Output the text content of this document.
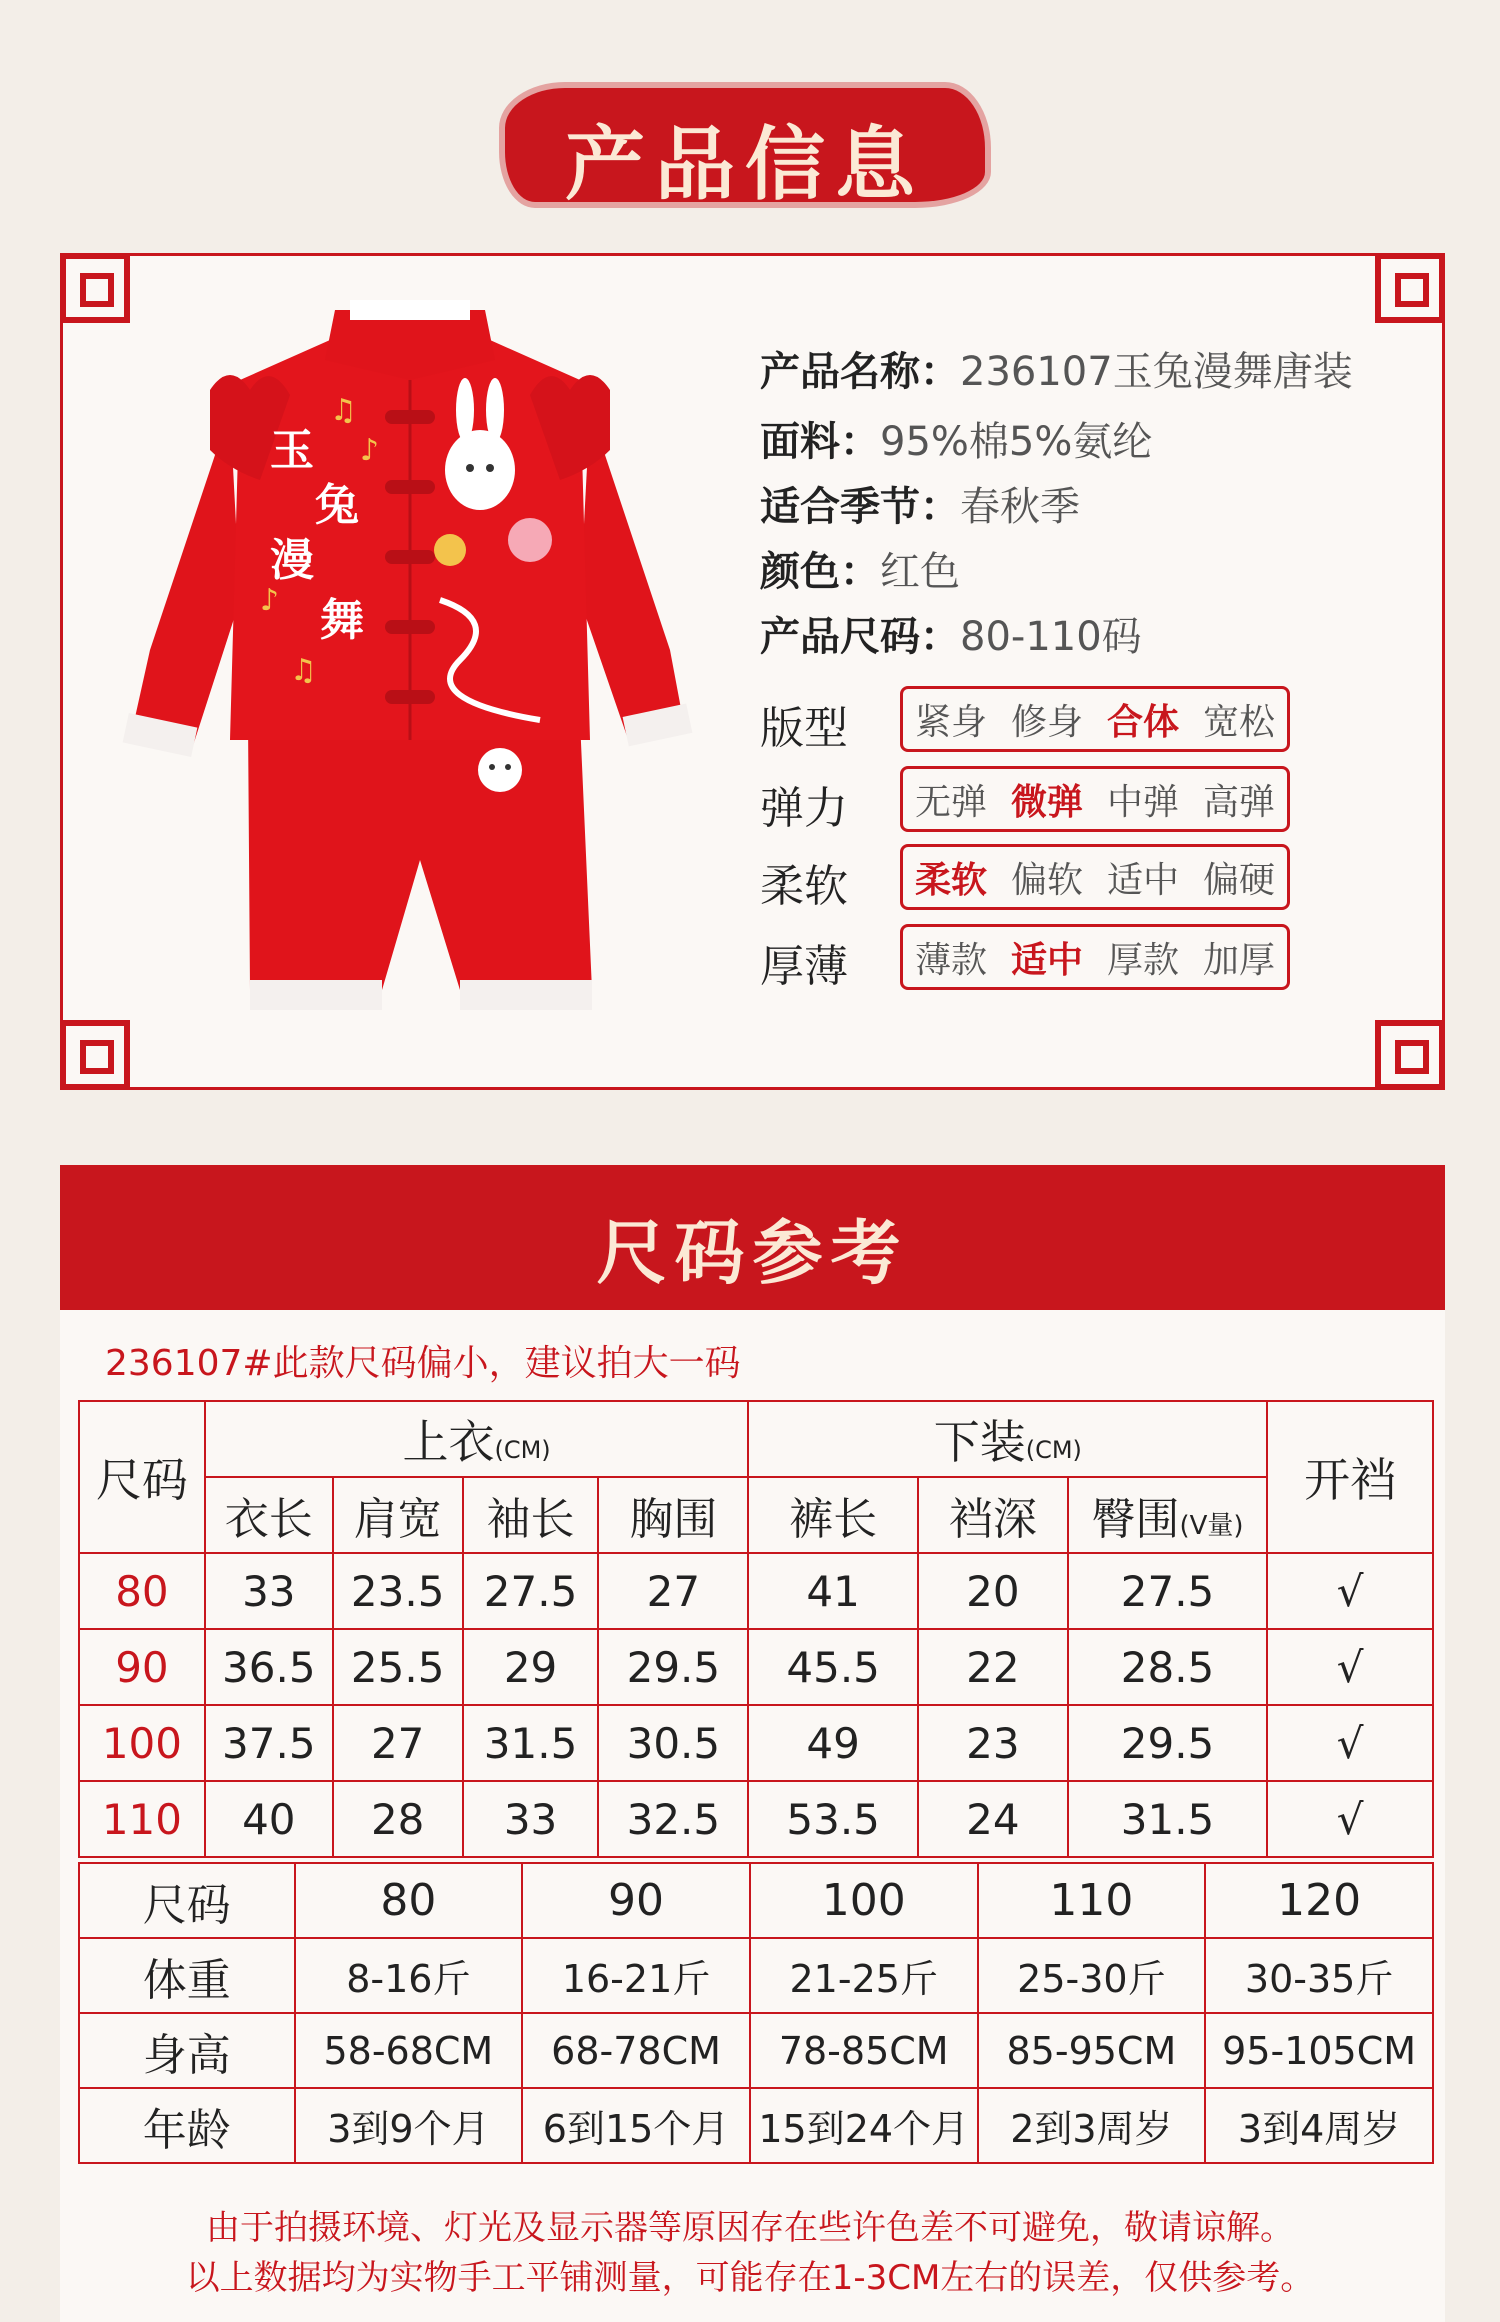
产品信息
玉
兔
漫
舞
♫
♪
♫
♪
产品名称：236107玉兔漫舞唐装
面料：95%棉5%氨纶
适合季节：春秋季
颜色：红色
产品尺码：80-110码
版型 紧身 修身 合体 宽松
弹力 无弹 微弹 中弹 高弹
柔软 柔软 偏软 适中 偏硬
厚薄 薄款 适中 厚款 加厚
尺码参考
236107#此款尺码偏小，建议拍大一码
尺码	上衣(CM)				下装(CM)			开裆
	衣长	肩宽	袖长	胸围	裤长	裆深	臀围(V量)	
80	33	23.5	27.5	27	41	20	27.5	√
90	36.5	25.5	29	29.5	45.5	22	28.5	√
100	37.5	27	31.5	30.5	49	23	29.5	√
110	40	28	33	32.5	53.5	24	31.5	√
尺码	80	90	100	110	120
体重	8-16斤	16-21斤	21-25斤	25-30斤	30-35斤
身高	58-68CM	68-78CM	78-85CM	85-95CM	95-105CM
年龄	3到9个月	6到15个月	15到24个月	2到3周岁	3到4周岁
由于拍摄环境、灯光及显示器等原因存在些许色差不可避免，敬请谅解。
以上数据均为实物手工平铺测量，可能存在1-3CM左右的误差，仅供参考。
